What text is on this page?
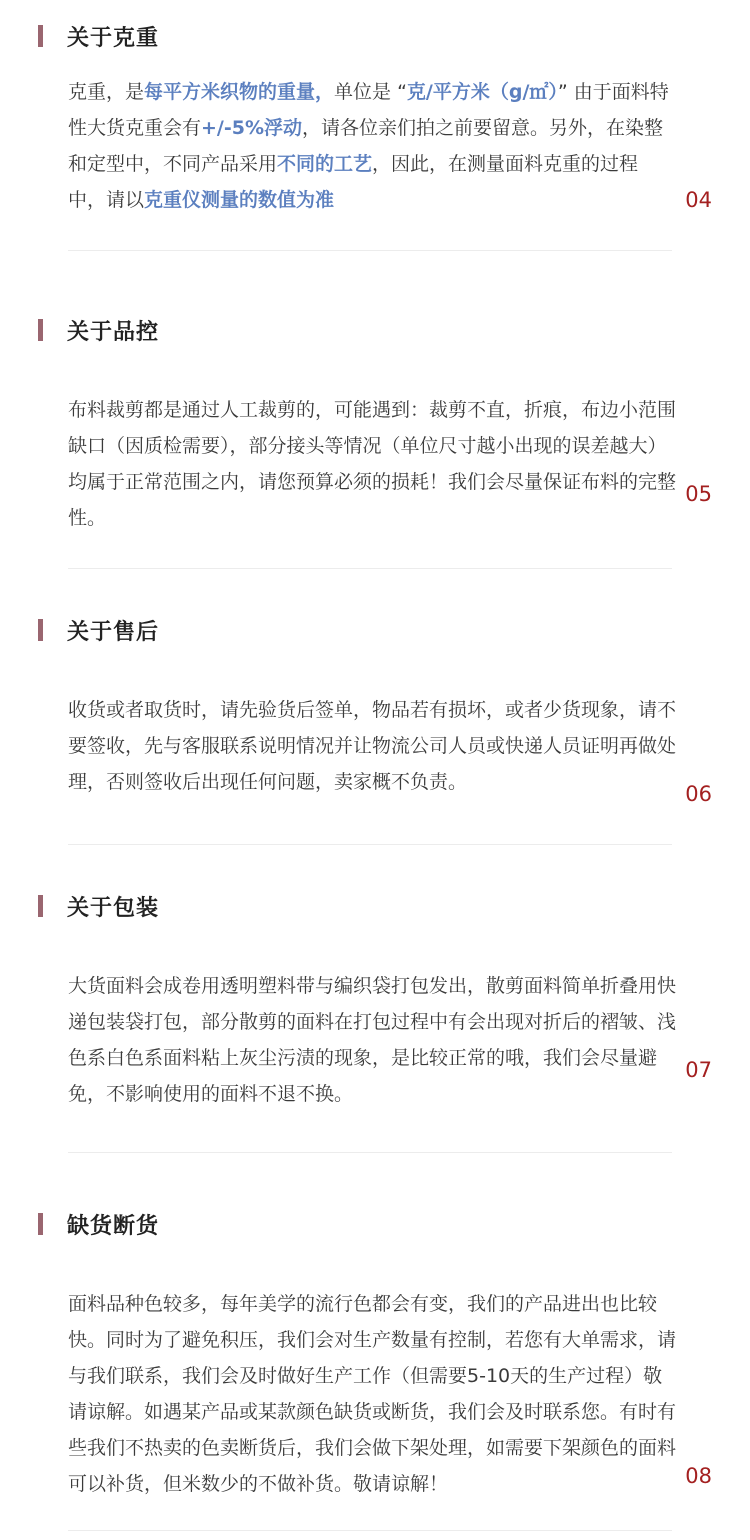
关于克重
克重，是每平方米织物的重量，单位是 “克/平方米（g/㎡）” 由于面料特性大货克重会有+/-5%浮动，请各位亲们拍之前要留意。另外，在染整和定型中，不同产品采用不同的工艺，因此，在测量面料克重的过程中，请以克重仪测量的数值为准	04
关于品控
布料裁剪都是通过人工裁剪的，可能遇到：裁剪不直，折痕，布边小范围缺口（因质检需要），部分接头等情况（单位尺寸越小出现的误差越大）均属于正常范围之内，请您预算必须的损耗！我们会尽量保证布料的完整性。
05
关于售后
收货或者取货时，请先验货后签单，物品若有损坏，或者少货现象，请不要签收，先与客服联系说明情况并让物流公司人员或快递人员证明再做处理，否则签收后出现任何问题，卖家概不负责。	06
关于包装
大货面料会成卷用透明塑料带与编织袋打包发出，散剪面料简单折叠用快递包装袋打包，部分散剪的面料在打包过程中有会出现对折后的褶皱、浅色系白色系面料粘上灰尘污渍的现象，是比较正常的哦，我们会尽量避免，不影响使用的面料不退不换。
07
缺货断货
面料品种色较多，每年美学的流行色都会有变，我们的产品进出也比较快。同时为了避免积压，我们会对生产数量有控制，若您有大单需求，请与我们联系，我们会及时做好生产工作（但需要5-10天的生产过程）敬请谅解。如遇某产品或某款颜色缺货或断货，我们会及时联系您。有时有些我们不热卖的色卖断货后，我们会做下架处理，如需要下架颜色的面料可以补货，但米数少的不做补货。敬请谅解！	08
